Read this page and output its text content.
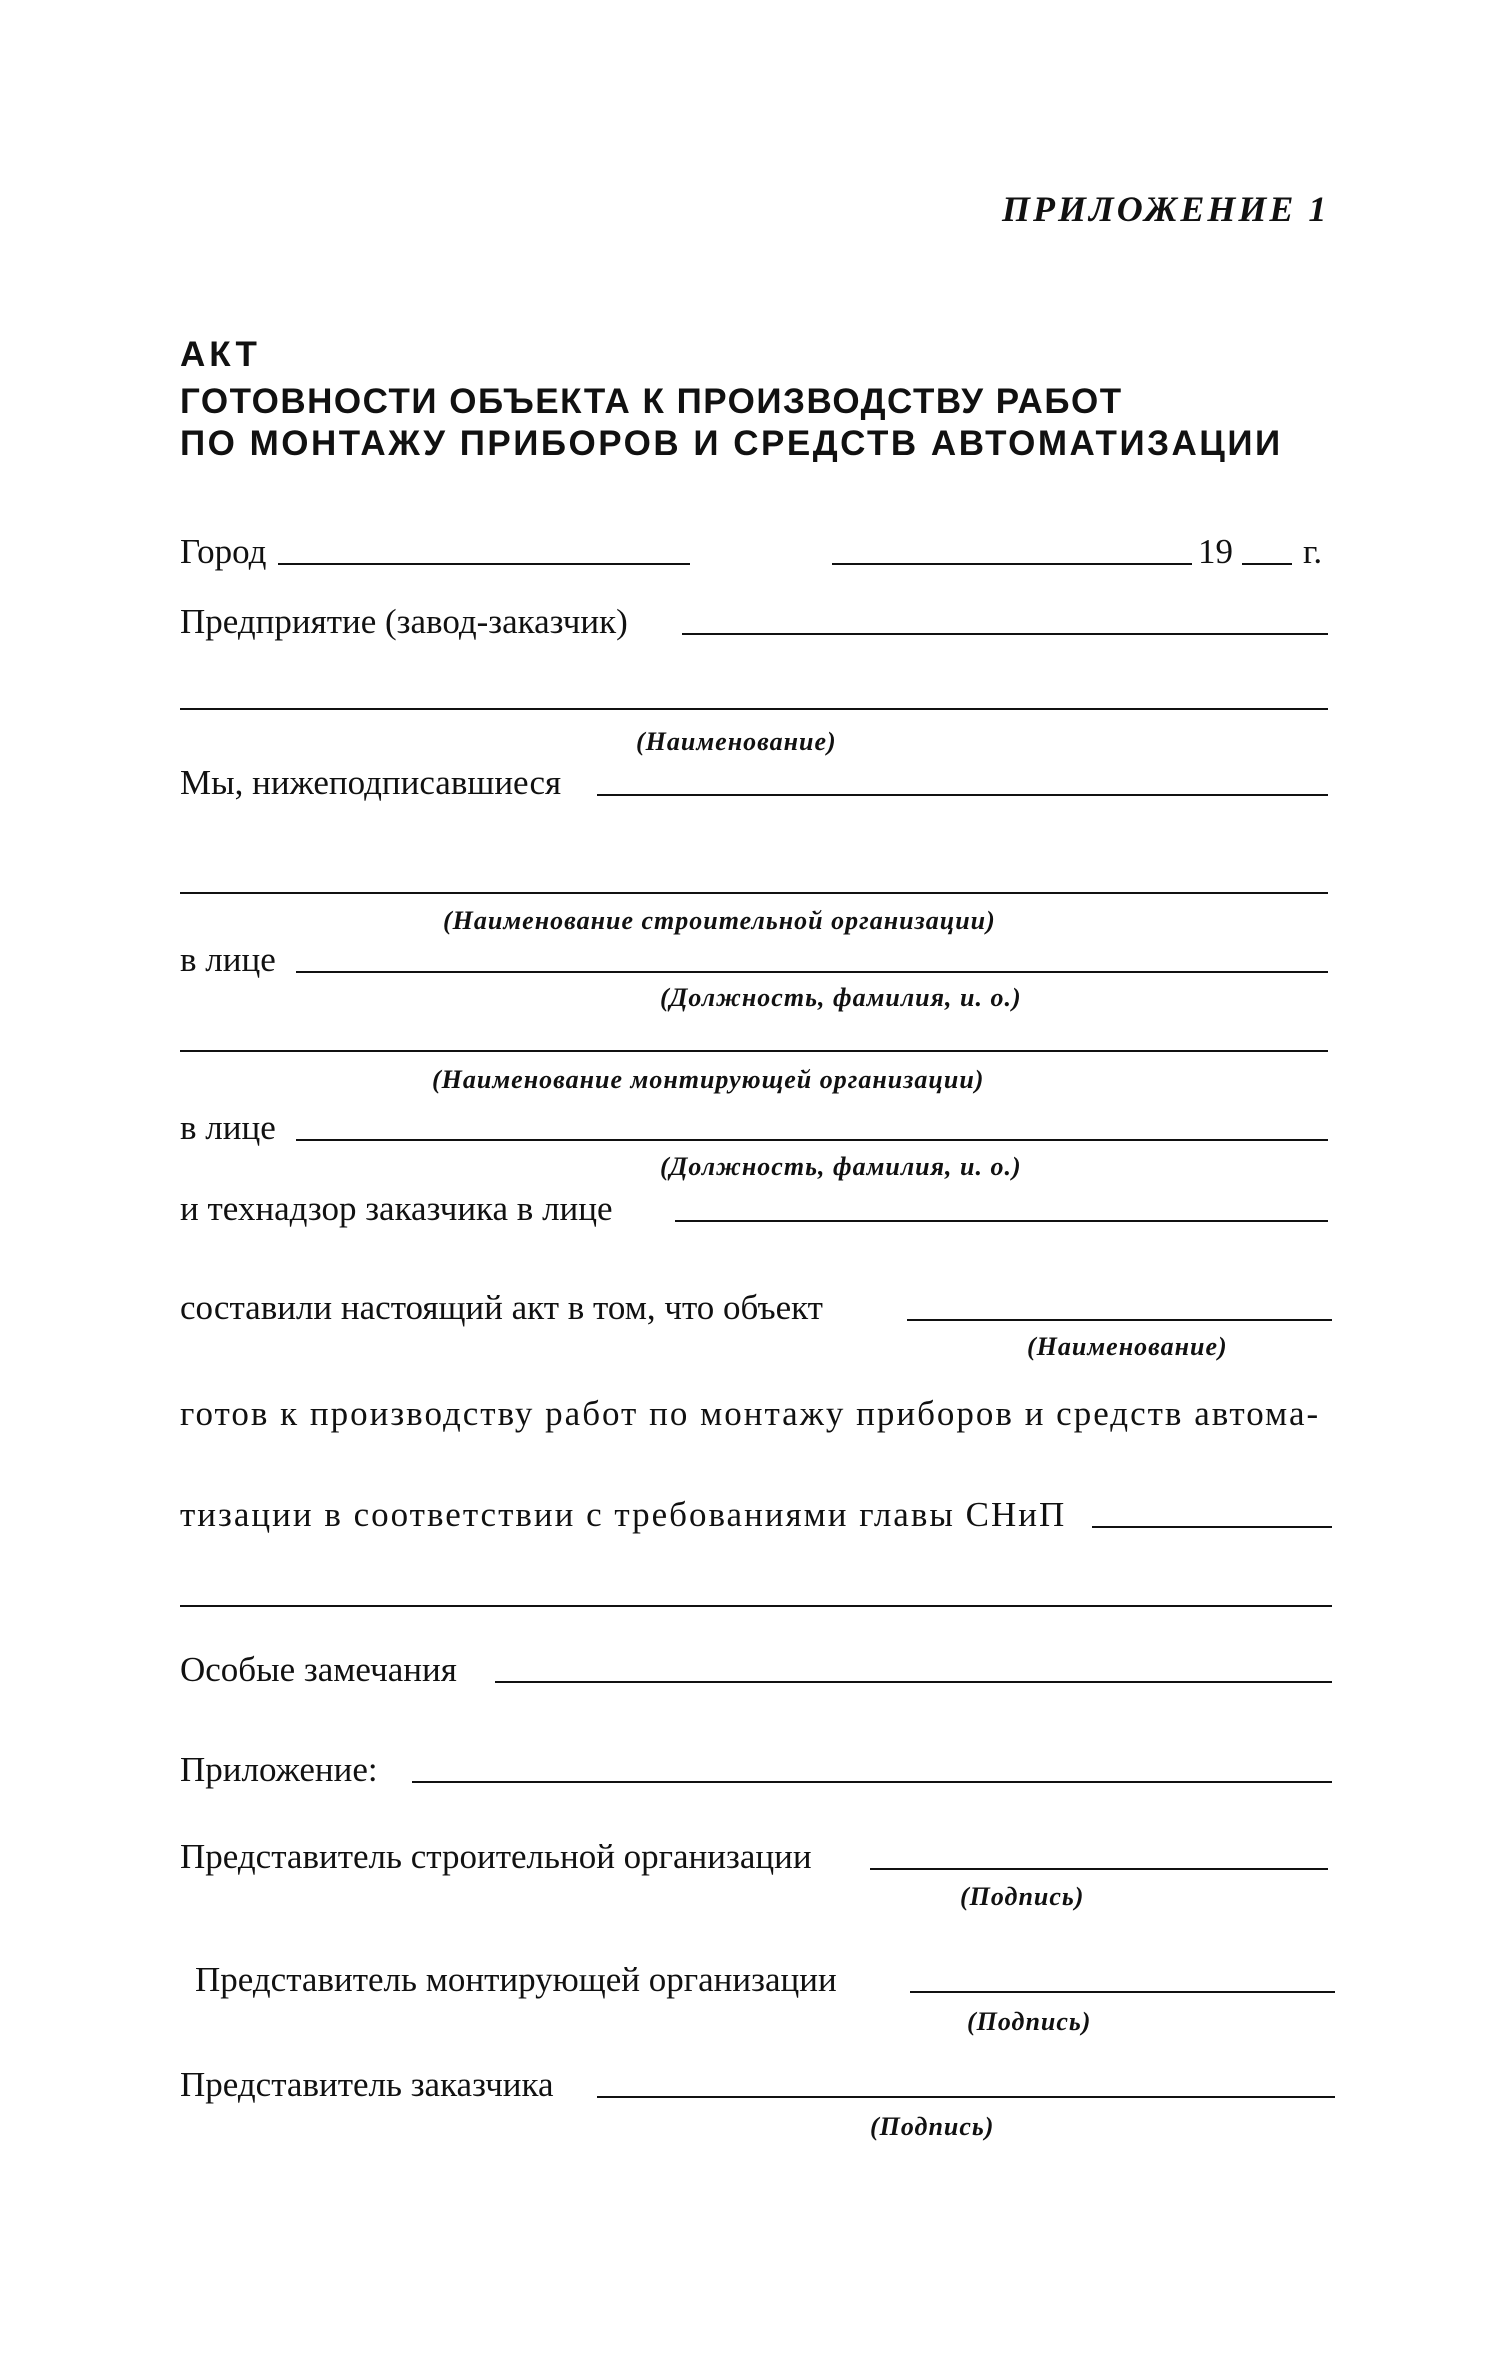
ПРИЛОЖЕНИЕ 1
АКТ
ГОТОВНОСТИ ОБЪЕКТА К ПРОИЗВОДСТВУ РАБОТ
ПО МОНТАЖУ ПРИБОРОВ И СРЕДСТВ АВТОМАТИЗАЦИИ
Город	19 г.
Предприятие (завод-заказчик)
(Наименование)
Мы, нижеподписавшиеся
(Наименование строительной организации)
в лице
(Должность, фамилия, и. о.)
(Наименование монтирующей организации)
в лице
(Должность, фамилия, и. о.)
и технадзор заказчика в лице
составили настоящий акт в том, что объект
(Наименование)
готов к производству работ по монтажу приборов и средств автома-
тизации в соответствии с требованиями главы СНиП
Особые замечания
Приложение:
Представитель строительной организации
(Подпись)
Представитель монтирующей организации
(Подпись)
Представитель заказчика
(Подпись)
